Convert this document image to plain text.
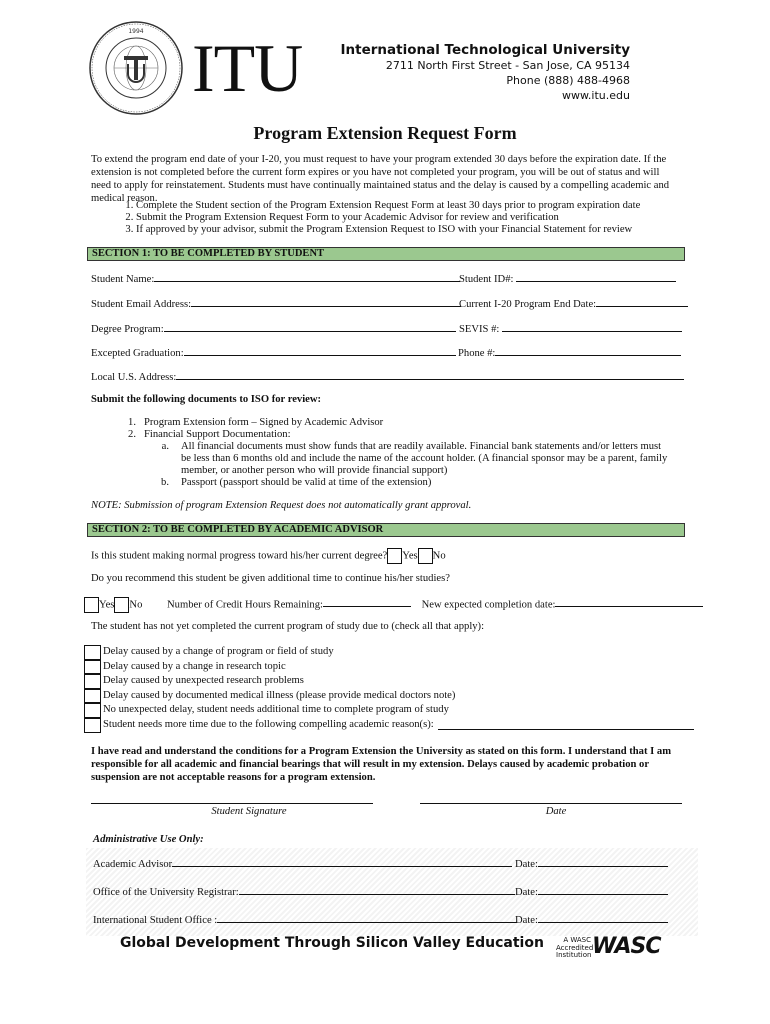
1994 ITU	International Technological University
2711 North First Street - San Jose, CA 95134
Phone (888) 488-4968
www.itu.edu
Program Extension Request Form
To extend the program end date of your I-20, you must request to have your program extended 30 days before the expiration date. If the extension is not completed before the current form expires or you have not completed your program, you will be out of status and will need to apply for reinstatement. Students must have continually maintained status and the delay is caused by a compelling academic and medical reason.
1. Complete the Student section of the Program Extension Request Form at least 30 days prior to program expiration date
2. Submit the Program Extension Request Form to your Academic Advisor for review and verification
3. If approved by your advisor, submit the Program Extension Request to ISO with your Financial Statement for review
SECTION 1: TO BE COMPLETED BY STUDENT
Student Name:	Student ID#:
Student Email Address:	Current I-20 Program End Date:
Degree Program:	SEVIS #:
Excepted Graduation:	Phone #:
Local U.S. Address:
Submit the following documents to ISO for review:
1. Program Extension form – Signed by Academic Advisor
2. Financial Support Documentation:
a.	All financial documents must show funds that are readily available. Financial bank statements and/or letters must be less than 6 months old and include the name of the account holder. (A financial sponsor may be a parent, family member, or another person who will provide financial support)
b.	Passport (passport should be valid at time of the extension)
NOTE: Submission of program Extension Request does not automatically grant approval.
SECTION 2: TO BE COMPLETED BY ACADEMIC ADVISOR
Is this student making normal progress toward his/her current degree? Yes No
Do you recommend this student be given additional time to continue his/her studies?
Yes No Number of Credit Hours Remaining:	New expected completion date:
The student has not yet completed the current program of study due to (check all that apply):
Delay caused by a change of program or field of study
Delay caused by a change in research topic
Delay caused by unexpected research problems
Delay caused by documented medical illness (please provide medical doctors note)
No unexpected delay, student needs additional time to complete program of study
Student needs more time due to the following compelling academic reason(s):
I have read and understand the conditions for a Program Extension the University as stated on this form. I understand that I am responsible for all academic and financial bearings that will result in my extension. Delays caused by academic probation or suspension are not acceptable reasons for a program extension.
Student Signature	Date
Administrative Use Only:
Academic Advisor	Date:
Office of the University Registrar:	Date:
International Student Office :	Date:
Global Development Through Silicon Valley Education	A WASC Accredited Institution WASC
